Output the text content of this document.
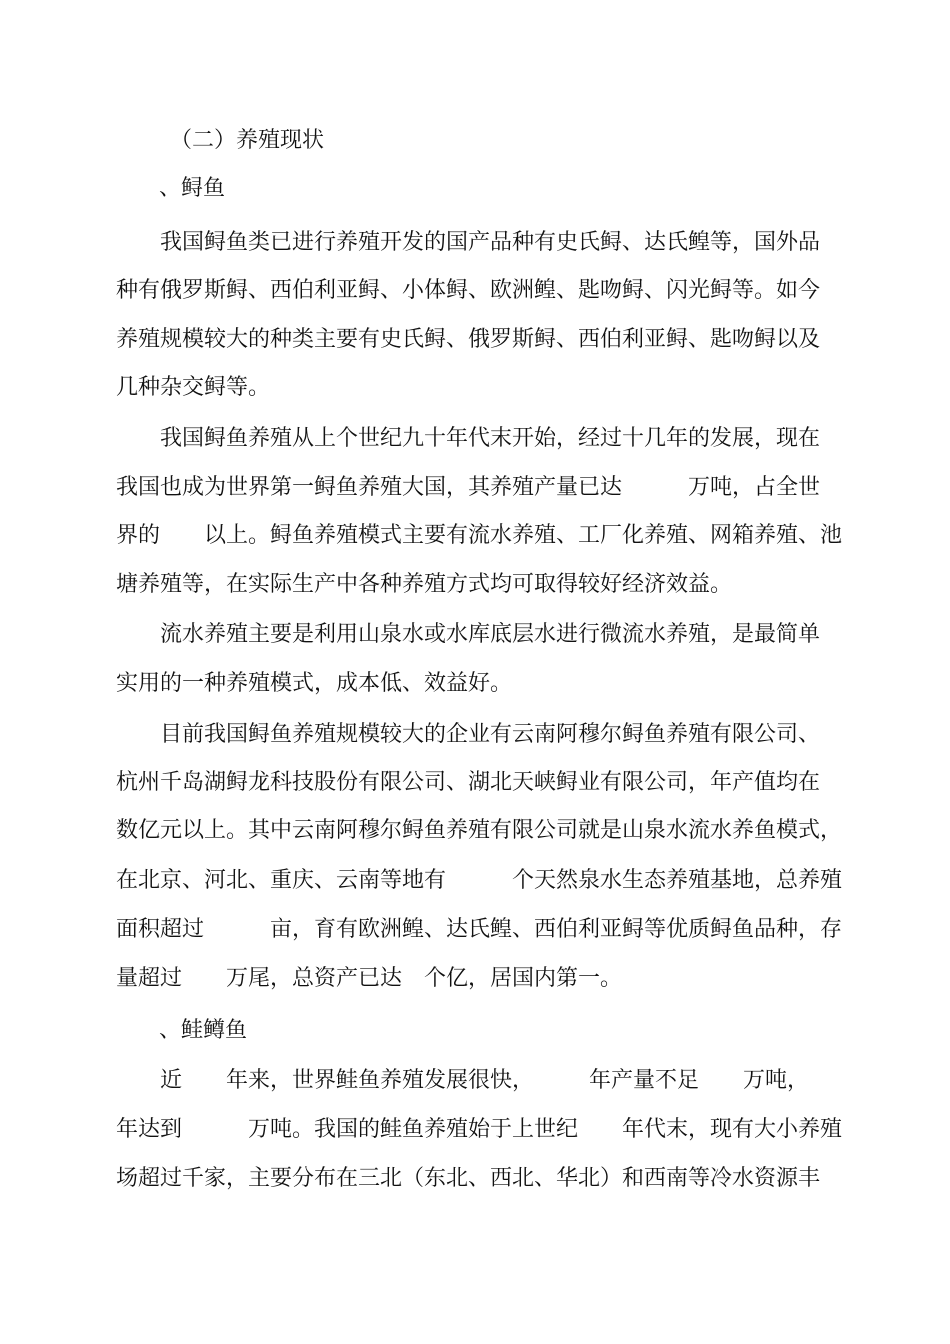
（二）养殖现状

、鲟鱼

我国鲟鱼类已进行养殖开发的国产品种有史氏鲟、达氏鳇等，国外品

种有俄罗斯鲟、西伯利亚鲟、小体鲟、欧洲鳇、匙吻鲟、闪光鲟等。如今

养殖规模较大的种类主要有史氏鲟、俄罗斯鲟、西伯利亚鲟、匙吻鲟以及

几种杂交鲟等。

我国鲟鱼养殖从上个世纪九十年代末开始，经过十几年的发展，现在

我国也成为世界第一鲟鱼养殖大国，其养殖产量已达　　　万吨，占全世

界的　　以上。鲟鱼养殖模式主要有流水养殖、工厂化养殖、网箱养殖、池

塘养殖等，在实际生产中各种养殖方式均可取得较好经济效益。

流水养殖主要是利用山泉水或水库底层水进行微流水养殖，是最简单

实用的一种养殖模式，成本低、效益好。

目前我国鲟鱼养殖规模较大的企业有云南阿穆尔鲟鱼养殖有限公司、

杭州千岛湖鲟龙科技股份有限公司、湖北天峡鲟业有限公司，年产值均在

数亿元以上。其中云南阿穆尔鲟鱼养殖有限公司就是山泉水流水养鱼模式，

在北京、河北、重庆、云南等地有　　　个天然泉水生态养殖基地，总养殖

面积超过　　　亩，育有欧洲鳇、达氏鳇、西伯利亚鲟等优质鲟鱼品种，存

量超过　　万尾，总资产已达　个亿，居国内第一。

、鲑鳟鱼

近　　年来，世界鲑鱼养殖发展很快，　　　年产量不足　　万吨，

年达到　　　万吨。我国的鲑鱼养殖始于上世纪　　年代末，现有大小养殖

场超过千家，主要分布在三北（东北、西北、华北）和西南等冷水资源丰
